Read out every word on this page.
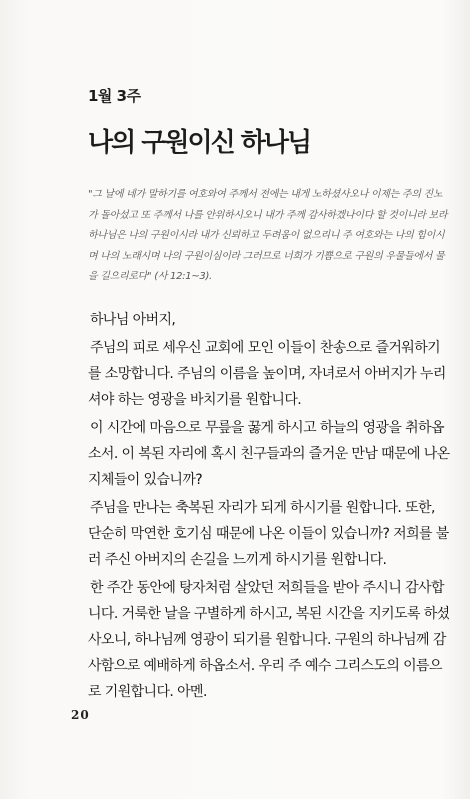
1월 3주
나의 구원이신 하나님
"그 날에 네가 말하기를 여호와여 주께서 전에는 내게 노하셨사오나 이제는 주의 진노가 돌아섰고 또 주께서 나를 안위하시오니 내가 주께 감사하겠나이다 할 것이니라 보라 하나님은 나의 구원이시라 내가 신뢰하고 두려움이 없으리니 주 여호와는 나의 힘이시며 나의 노래시며 나의 구원이심이라 그러므로 너희가 기쁨으로 구원의 우물들에서 물을 길으리로다" (사 12:1~3).

하나님 아버지,

주님의 피로 세우신 교회에 모인 이들이 찬송으로 즐거워하기를 소망합니다. 주님의 이름을 높이며, 자녀로서 아버지가 누리셔야 하는 영광을 바치기를 원합니다.

이 시간에 마음으로 무릎을 꿇게 하시고 하늘의 영광을 취하옵소서. 이 복된 자리에 혹시 친구들과의 즐거운 만남 때문에 나온 지체들이 있습니까?

주님을 만나는 축복된 자리가 되게 하시기를 원합니다. 또한, 단순히 막연한 호기심 때문에 나온 이들이 있습니까? 저희를 불러 주신 아버지의 손길을 느끼게 하시기를 원합니다.

한 주간 동안에 탕자처럼 살았던 저희들을 받아 주시니 감사합니다. 거룩한 날을 구별하게 하시고, 복된 시간을 지키도록 하셨사오니, 하나님께 영광이 되기를 원합니다. 구원의 하나님께 감사함으로 예배하게 하옵소서. 우리 주 예수 그리스도의 이름으로 기원합니다. 아멘.

20
